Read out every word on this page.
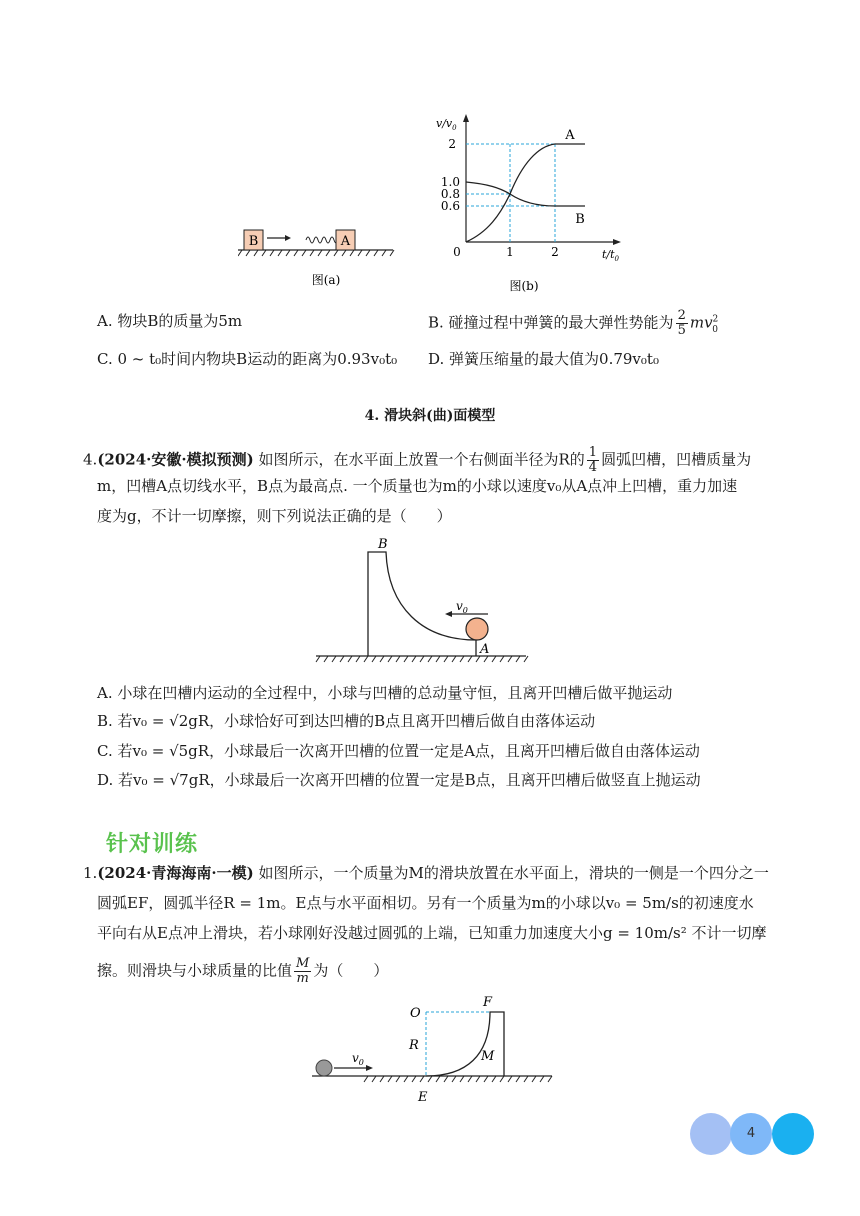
B	A
图(a)
$v/v_0$
$t/t_0$
2
1.0
0.8
0.6
0	1	2
A
B
图(b)
A. 物块B的质量为5m	B. 碰撞过程中弹簧的最大弹性势能为 $\frac{2}{5} mv^2_0$
C. 0 ~ t₀时间内物块B运动的距离为0.93v₀t₀ D. 弹簧压缩量的最大值为0.79v₀t₀
4. 滑块斜(曲)面模型
4.(2024·安徽·模拟预测) 如图所示，在水平面上放置一个右侧面半径为R的 $\frac{1}{4}$ 圆弧凹槽，凹槽质量为
m，凹槽A点切线水平，B点为最高点. 一个质量也为m的小球以速度v₀从A点冲上凹槽，重力加速
度为g，不计一切摩擦，则下列说法正确的是（　　）
$v_0$
B
A
A. 小球在凹槽内运动的全过程中，小球与凹槽的总动量守恒，且离开凹槽后做平抛运动
B. 若v₀ = √2gR，小球恰好可到达凹槽的B点且离开凹槽后做自由落体运动
C. 若v₀ = √5gR，小球最后一次离开凹槽的位置一定是A点，且离开凹槽后做自由落体运动
D. 若v₀ = √7gR，小球最后一次离开凹槽的位置一定是B点，且离开凹槽后做竖直上抛运动
针对训练
1.(2024·青海海南·一模) 如图所示，一个质量为M的滑块放置在水平面上，滑块的一侧是一个四分之一
圆弧EF，圆弧半径R = 1m。E点与水平面相切。另有一个质量为m的小球以v₀ = 5m/s的初速度水
平向右从E点冲上滑块，若小球刚好没越过圆弧的上端，已知重力加速度大小g = 10m/s² 不计一切摩
擦。则滑块与小球质量的比值 $\frac{M}{m}$ 为（　　）
$v_0$
O
F
R
M
E
4
